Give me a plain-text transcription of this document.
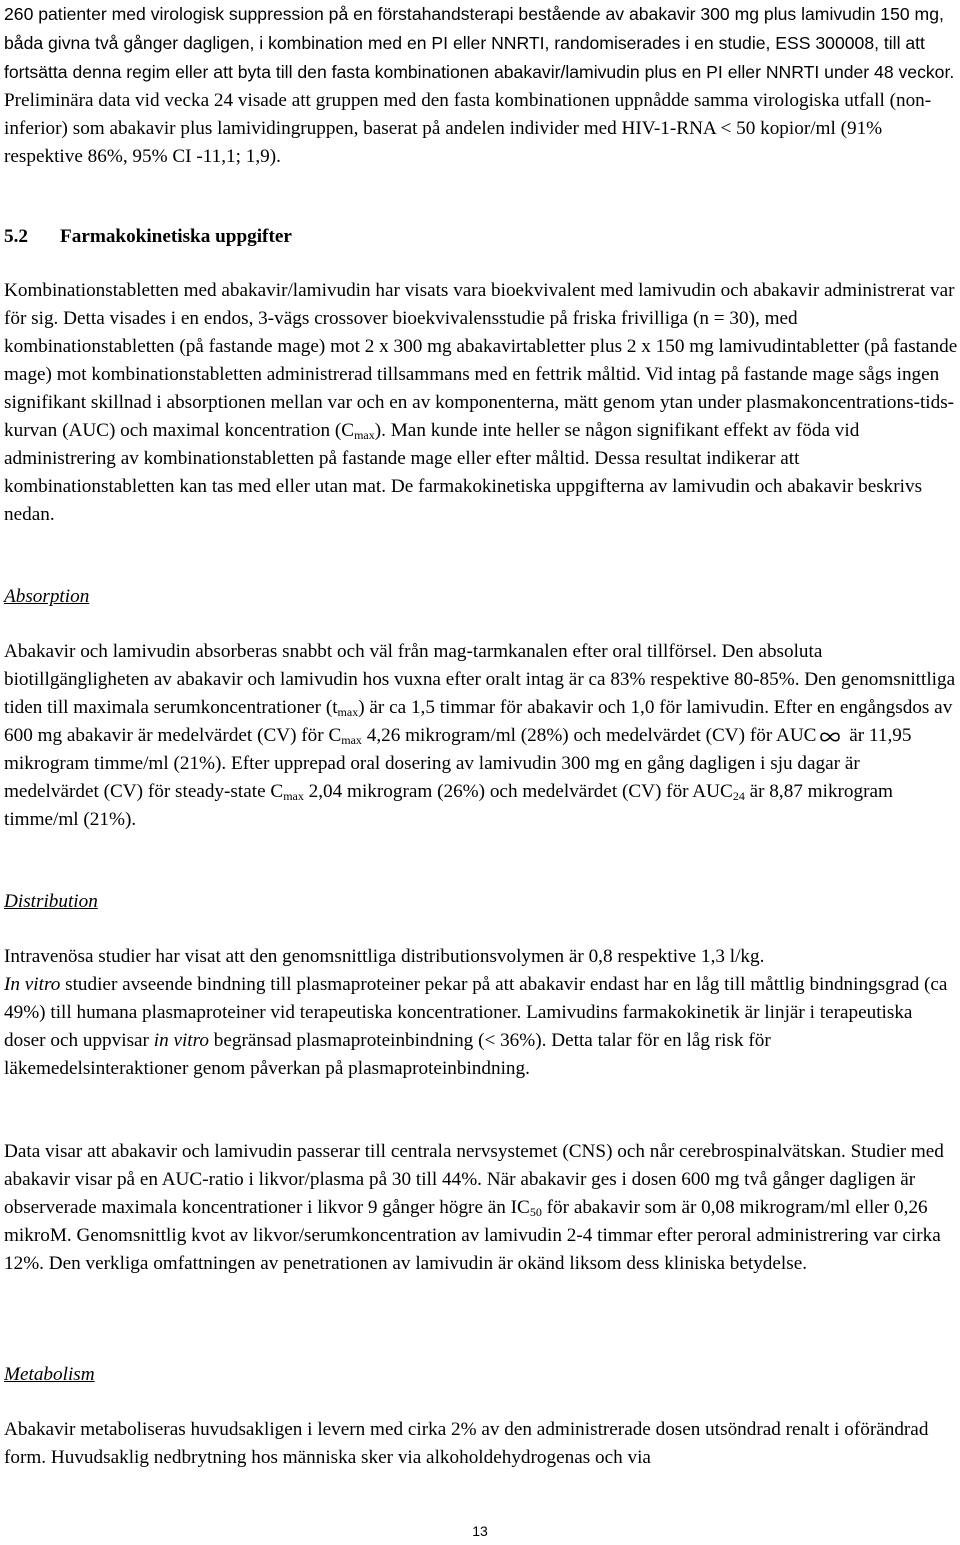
260 patienter med virologisk suppression på en förstahandsterapi bestående av abakavir 300 mg plus lamivudin 150 mg, båda givna två gånger dagligen, i kombination med en PI eller NNRTI, randomiserades i en studie, ESS 300008, till att fortsätta denna regim eller att byta till den fasta kombinationen abakavir/lamivudin plus en PI eller NNRTI under 48 veckor. Preliminära data vid vecka 24 visade att gruppen med den fasta kombinationen uppnådde samma virologiska utfall (non-inferior) som abakavir plus lamividingruppen, baserat på andelen individer med HIV-1-RNA < 50 kopior/ml (91% respektive 86%, 95% CI -11,1; 1,9).

5.2 Farmakokinetiska uppgifter

Kombinationstabletten med abakavir/lamivudin har visats vara bioekvivalent med lamivudin och abakavir administrerat var för sig. Detta visades i en endos, 3-vägs crossover bioekvivalensstudie på friska frivilliga (n = 30), med kombinationstabletten (på fastande mage) mot 2 x 300 mg abakavirtabletter plus 2 x 150 mg lamivudintabletter (på fastande mage) mot kombinationstabletten administrerad tillsammans med en fettrik måltid. Vid intag på fastande mage sågs ingen signifikant skillnad i absorptionen mellan var och en av komponenterna, mätt genom ytan under plasmakoncentrations-tids-kurvan (AUC) och maximal koncentration $(C_{max})$. Man kunde inte heller se någon signifikant effekt av föda vid administrering av kombinationstabletten på fastande mage eller efter måltid. Dessa resultat indikerar att kombinationstabletten kan tas med eller utan mat. De farmakokinetiska uppgifterna av lamivudin och abakavir beskrivs nedan.

Absorption

Abakavir och lamivudin absorberas snabbt och väl från mag-tarmkanalen efter oral tillförsel. Den absoluta biotillgängligheten av abakavir och lamivudin hos vuxna efter oralt intag är ca 83% respektive 80-85%. Den genomsnittliga tiden till maximala serumkoncentrationer $(t_{max})$ är ca 1,5 timmar för abakavir och 1,0 för lamivudin. Efter en engångsdos av 600 mg abakavir är medelvärdet (CV) för $C_{max}$ 4,26 mikrogram/ml (28%) och medelvärdet (CV) för AUC
är 11,95 mikrogram timme/ml (21%). Efter upprepad oral dosering av lamivudin 300 mg en gång dagligen i sju dagar är medelvärdet (CV) för steady-state $C_{max}$ 2,04 mikrogram (26%) och medelvärdet (CV) för $AUC_{24}$ är 8,87 mikrogram timme/ml (21%).

Distribution

Intravenösa studier har visat att den genomsnittliga distributionsvolymen är 0,8 respektive 1,3 l/kg.
In vitro studier avseende bindning till plasmaproteiner pekar på att abakavir endast har en låg till måttlig bindningsgrad (ca 49%) till humana plasmaproteiner vid terapeutiska koncentrationer. Lamivudins farmakokinetik är linjär i terapeutiska doser och uppvisar in vitro begränsad plasmaproteinbindning (< 36%). Detta talar för en låg risk för läkemedelsinteraktioner genom påverkan på plasmaproteinbindning.

Data visar att abakavir och lamivudin passerar till centrala nervsystemet (CNS) och når cerebrospinalvätskan. Studier med abakavir visar på en AUC-ratio i likvor/plasma på 30 till 44%. När abakavir ges i dosen 600 mg två gånger dagligen är observerade maximala koncentrationer i likvor 9 gånger högre än $IC_{50}$ för abakavir som är 0,08 mikrogram/ml eller 0,26 mikroM. Genomsnittlig kvot av likvor/serumkoncentration av lamivudin 2-4 timmar efter peroral administrering var cirka 12%. Den verkliga omfattningen av penetrationen av lamivudin är okänd liksom dess kliniska betydelse.

Metabolism

Abakavir metaboliseras huvudsakligen i levern med cirka 2% av den administrerade dosen utsöndrad renalt i oförändrad form. Huvudsaklig nedbrytning hos människa sker via alkoholdehydrogenas och via

13
